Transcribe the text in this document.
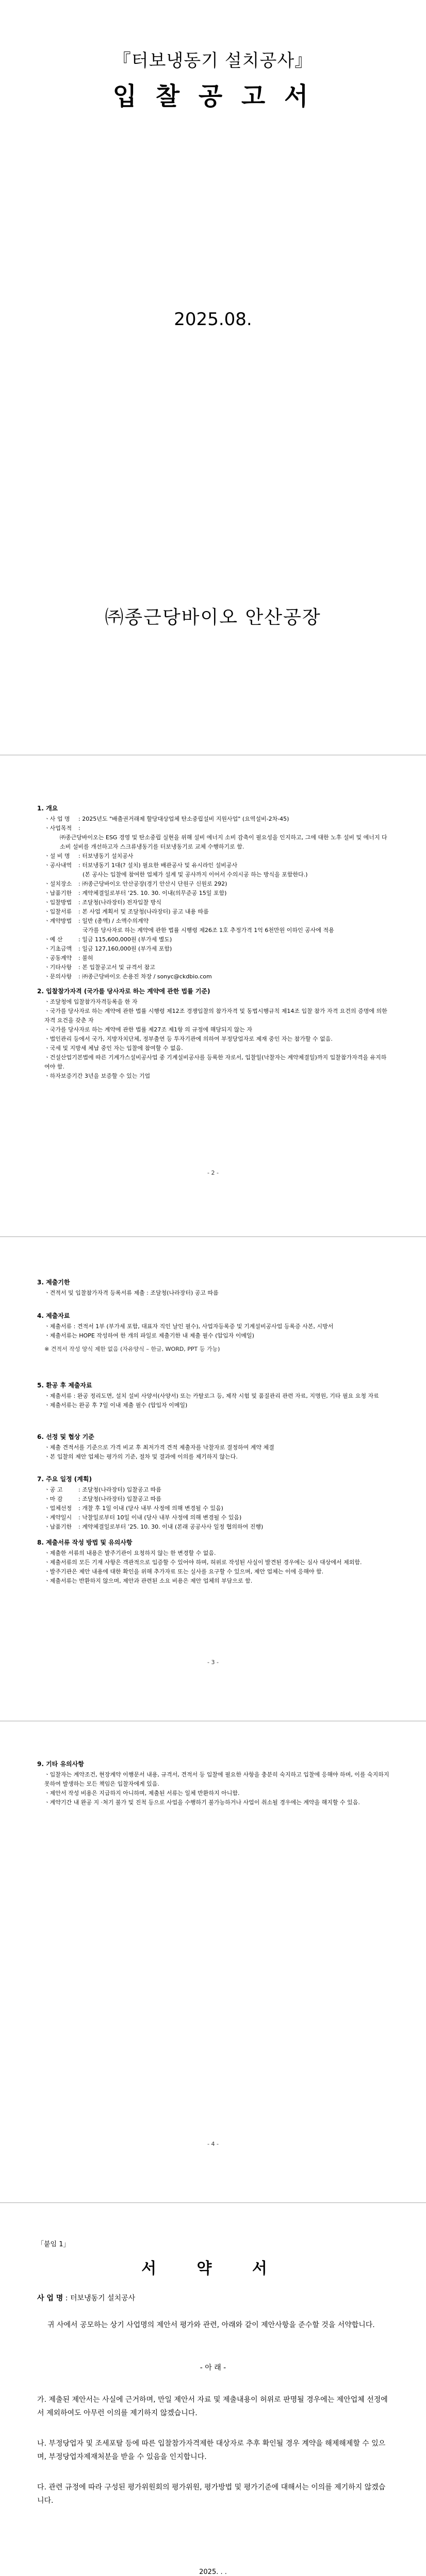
『터보냉동기 설치공사』
입 찰 공 고 서
2025.08.
㈜종근당바이오 안산공장
1. 개요
ㆍ사 업 명	: 2025년도 "배출권거래제 할당대상업체 탄소중립설비 지원사업" (요역설비-2차-45)
ㆍ사업목적	:
㈜종근당바이오는 ESG 경영 및 탄소중립 실현을 위해 설비 에너지 소비 감축이 필요성을 인지하고, 그에 대한 노후 설비 및 에너지 다소비 설비를 개선하고자 스크류냉동기를 터보냉동기로 교체 수행하기로 함.
ㆍ설 비 명	: 터보냉동기 설치공사
ㆍ공사내역	: 터보냉동기 1대(? 설치) 필요한 배관공사 및 유시라인 설비공사
(본 공사는 입찰에 참여한 업체가 설계 및 공사까지 이어서 수의시공 하는 방식을 포함한다.)
ㆍ설치장소	: ㈜종근당바이오 안산공장(경기 안산시 단원구 신원로 292)
ㆍ납품기한	: 계약체결일로부터 ‘25. 10. 30. 이내(의무준공 15일 포함)
ㆍ입찰방법	: 조달청(나라장터) 전자입찰 방식
ㆍ입찰서류	: 본 사업 계획서 및 조달청(나라장터) 공고 내용 따름
ㆍ계약방법	: 일반 (총액) / 소액수의계약
국가를 당사자로 하는 계약에 관한 법률 시행령 제26조 1호 추정가격 1억 6천만원 이하인 공사에 적용
ㆍ예 산	: 일금 115,600,000원 (부가세 별도)
ㆍ기초금액	: 일금 127,160,000원 (부가세 포함)
ㆍ공동계약	: 불허
ㆍ기타사항	: 본 입찰공고서 및 규격서 참고
ㆍ문의사항	: ㈜종근당바이오 손용진 차장 / sonyc@ckdbio.com
2. 입찰참가자격 (국가를 당사자로 하는 계약에 관한 법률 기준)
ㆍ조달청에 입찰참가자격등록을 한 자
ㆍ국가를 당사자로 하는 계약에 관한 법률 시행령 제12조 경쟁입찰의 참가자격 및 동법시행규칙 제14조 입찰 참가 자격 요건의 증명에 의한 자격 요건을 갖춘 자
ㆍ국가를 당사자로 하는 계약에 관한 법률 제27조 제1항 의 규정에 해당되지 않는 자
ㆍ법인관리 등에서 국가, 지방자치단체, 정부출연 등 투자기관에 의하여 부정당업자로 제재 중인 자는 참가할 수 없음.
ㆍ국세 및 지방세 체납 중인 자는 입찰에 참여할 수 없음.
ㆍ건설산업기본법에 따른 기계가스설비공사업 중 기계설비공사를 등록한 자로서, 입찰일(낙찰자는 계약체결일)까지 입찰참가자격을 유지하여야 함.
ㆍ하자보증기간 3년을 보증할 수 있는 기업
- 2 -
3. 제출기한
ㆍ견적서 및 입찰참가자격 등록서류 제출 : 조달청(나라장터) 공고 따름
4. 제출자료
ㆍ제출서류 : 견적서 1부 (부가세 포함, 대표자 직인 날인 필수), 사업자등록증 및 기계설비공사업 등록증 사본, 시방서
ㆍ제출서류는 HOPE 작성하여 한 개의 파일로 제출기한 내 제출 필수 (압입자 이메일)
※ 견적서 작성 양식 제한 없음 (자유양식 – 한글, WORD, PPT 등 가능)
5. 환공 후 제출자료
ㆍ제출서류 : 완공 정리도면, 설치 설비 사양서(사양서) 또는 카탈로그 등, 제작 시험 및 품질관리 관련 자료, 지명원, 기타 필요 요청 자료
ㆍ제출서류는 완공 후 7일 이내 제출 필수 (압입자 이메일)
6. 선정 및 협상 기준
ㆍ제출 견적서를 기준으로 가격 비교 후 최저가격 견적 제출자를 낙찰자로 결정하여 계약 체결
ㆍ본 입찰의 제안 업체는 평가의 기준, 절차 및 결과에 이의를 제기하지 않는다.
7. 주요 일정 (계획)
ㆍ공 고	: 조달청(나라장터) 입찰공고 따름
ㆍ마 감	: 조달청(나라장터) 입찰공고 따름
ㆍ업체선정	: 개찰 후 1일 이내 (당사 내부 사정에 의해 변경될 수 있음)
ㆍ계약일시	: 낙찰일로부터 10일 이내 (당사 내부 사정에 의해 변경될 수 있음)
ㆍ납품기한	: 계약체결일로부터 ’25. 10. 30. 이내 (본래 공공사사 일정 협의하여 진행)
8. 제출서류 작성 방법 및 유의사항
ㆍ제출한 서류의 내용은 발주기관이 요청하지 않는 한 변경할 수 없음.
ㆍ제출서류의 모든 기재 사항은 객관적으로 입증할 수 있어야 하며, 허위로 작성된 사실이 발견된 경우에는 심사 대상에서 제외함.
ㆍ발주기관은 제안 내용에 대한 확인을 위해 추가자료 또는 실사를 요구할 수 있으며, 제안 업체는 이에 응해야 함.
ㆍ제출서류는 반환하지 않으며, 제안과 관련된 소요 비용은 제안 업체의 부담으로 함.
- 3 -
9. 기타 유의사항
ㆍ입찰자는 계약조건, 현장계약 이행문서 내용, 규격서, 견적서 등 입찰에 필요한 사항을 충분히 숙지하고 입찰에 응해야 하며, 이를 숙지하지 못하여 발생하는 모든 책임은 입찰자에게 있음.
ㆍ제안서 작성 비용은 지급하지 아니하며, 제출된 서류는 일체 반환하지 아니함.
ㆍ계약기간 내 완공 지 ·처기 불가 및 진척 등으로 사업을 수행하기 불가능하거나 사업이 취소될 경우에는 계약을 해지할 수 있음.
- 4 -
「붙임 1」
서 약 서
사 업 명 : 터보냉동기 설치공사
귀 사에서 공모하는 상기 사업명의 제안서 평가와 관련, 아래와 같이 제안사항을 준수할 것을 서약합니다.
- 아 래 -
가. 제출된 제안서는 사실에 근거하며, 만일 제안서 자료 및 제출내용이 허위로 판명될 경우에는 제안업체 선정에서 제외하여도 아무런 이의를 제기하지 않겠습니다.
나. 부정당업자 및 조세포탈 등에 따른 입찰참가자격제한 대상자로 추후 확인될 경우 계약을 해제해제할 수 있으며, 부정당업자제재처분을 받을 수 있음을 인지합니다.
다. 관련 규정에 따라 구성된 평가위원회의 평가위원, 평가방법 및 평가기준에 대해서는 이의를 제기하지 않겠습니다.
2025. . .
